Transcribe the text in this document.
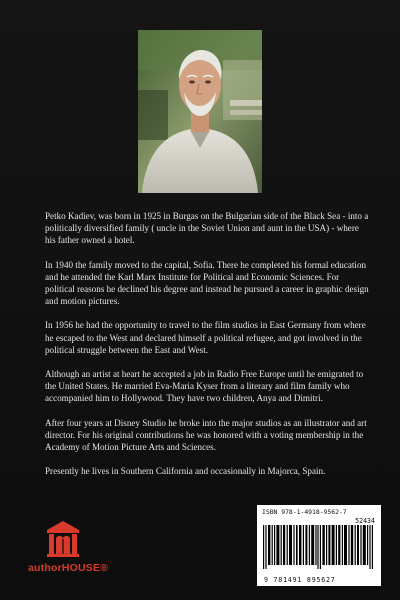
Petko Kadiev, was born in 1925 in Burgas on the Bulgarian side of the Black Sea - into a politically diversified family ( uncle in the Soviet Union and aunt in the USA) - where his father owned a hotel.

In 1940 the family moved to the capital, Sofia. There he completed his formal education and he attended the Karl Marx Institute for Political and Economic Sciences. For political reasons he declined his degree and instead he pursued a career in graphic design and motion pictures.

In 1956 he had the opportunity to travel to the film studios in East Germany from where he escaped to the West and declared himself a political refugee, and got involved in the political struggle between the East and West.

Although an artist at heart he accepted a job in Radio Free Europe until he emigrated to the United States. He married Eva-Maria Kyser from a literary and film family who accompanied him to Hollywood. They have two children, Anya and Dimitri.

After four years at Disney Studio he broke into the major studios as an illustrator and art director. For his original contributions he was honored with a voting membership in the Academy of Motion Picture Arts and Sciences.

Presently he lives in Southern California and occasionally in Majorca, Spain.

authorHOUSE®
ISBN 978-1-4918-9562-7
52434
9 781491 895627
